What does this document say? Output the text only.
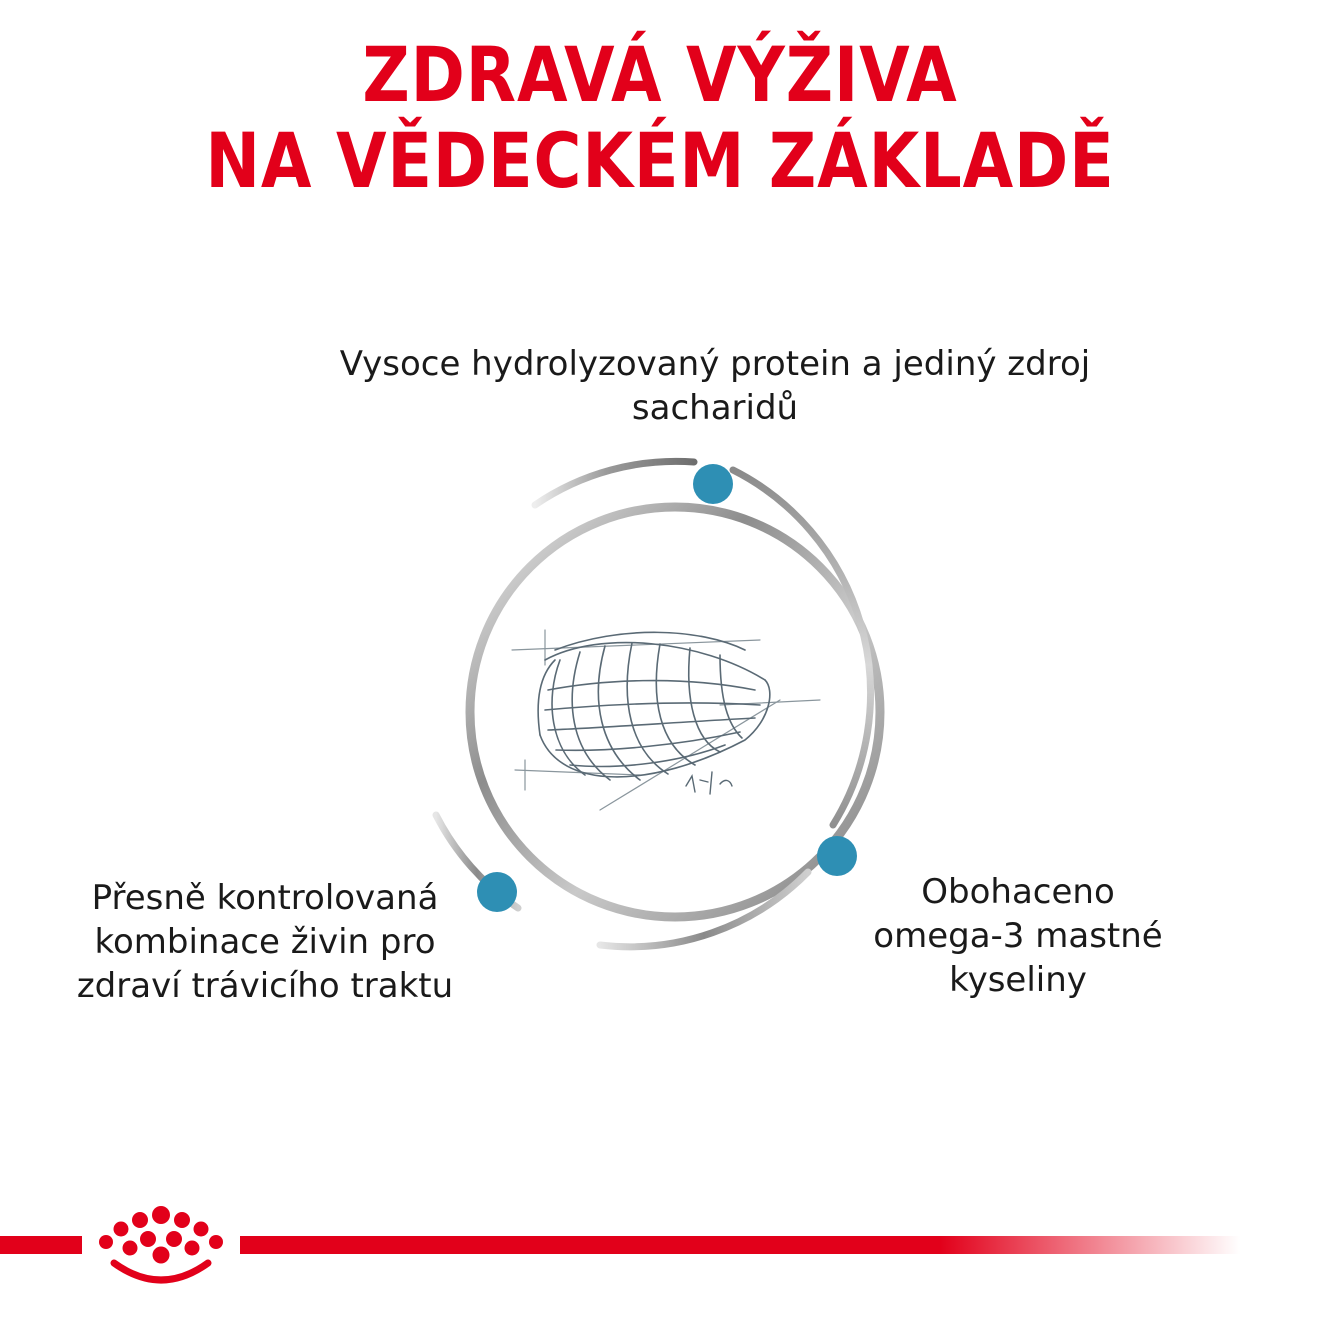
ZDRAVÁ VÝŽIVA
NA VĚDECKÉM ZÁKLADĚ
Vysoce hydrolyzovaný protein a jediný zdroj
sacharidů
Přesně kontrolovaná
kombinace živin pro
zdraví trávicího traktu
Obohaceno
omega-3 mastné
kyseliny
